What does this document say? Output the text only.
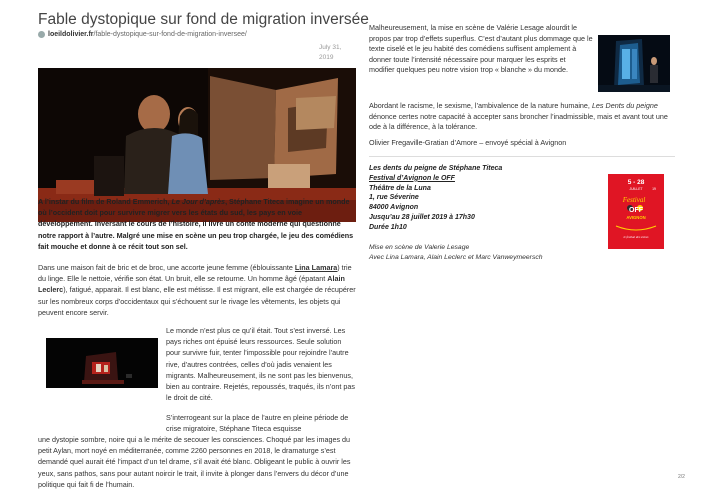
Fable dystopique sur fond de migration inversée
loeildolivier.fr /fable-dystopique-sur-fond-de-migration-inversee/
July 31,
2019

A l’instar du film de Roland Emmerich, Le Jour d’après, Stéphane Titeca imagine un monde où l’occident doit pour survivre migrer vers les états du sud, les pays en voie développement. Inversant le cours de l’histoire, il livre un conte moderne qui questionne notre rapport à l’autre. Malgré une mise en scène un peu trop chargée, le jeu des comédiens fait mouche et donne à ce récit tout son sel.

Dans une maison fait de bric et de broc, une accorte jeune femme (éblouissante Lina Lamara) trie du linge. Elle le nettoie, vérifie son état. Un bruit, elle se retourne. Un homme âgé (épatant Alain Leclerc), fatigué, apparait. Il est blanc, elle est métisse. Il est migrant, elle est chargée de récupérer sur les nombreux corps d’occidentaux qui s’échouent sur le rivage les vêtements, les objets qui peuvent encore servir.

Le monde n’est plus ce qu’il était. Tout s’est inversé. Les pays riches ont épuisé leurs ressources. Seule solution pour survivre fuir, tenter l’impossible pour rejoindre l’autre rive, d’autres contrées, celles d’où jadis venaient les migrants. Malheureusement, ils ne sont pas les bienvenus, bien au contraire. Rejetés, repoussés, traqués, ils n’ont pas le droit de cité.

S’interrogeant sur la place de l’autre en pleine période de crise migratoire, Stéphane Titeca esquisse

une dystopie sombre, noire qui a le mérite de secouer les consciences. Choqué par les images du petit Aylan, mort noyé en méditerranée, comme 2260 personnes en 2018, le dramaturge s’est demandé quel aurait été l’impact d’un tel drame, s’il avait été blanc. Obligeant le public à ouvrir les yeux, sans pathos, sans pour autant noircir le trait, il invite à plonger dans l’envers du décor d’une politique qui fait fi de l’humain.

Malheureusement, la mise en scène de Valérie Lesage alourdit le propos par trop d’effets superflus. C’est d’autant plus dommage que le texte ciselé et le jeu habité des comédiens suffisent amplement à donner toute l’intensité nécessaire pour marquer les esprits et modifier quelques peu notre vision trop « blanche » du monde.

Abordant le racisme, le sexisme, l’ambivalence de la nature humaine, Les Dents du peigne dénonce certes notre capacité à accepter sans broncher l’inadmissible, mais et avant tout une ode à la différence, à la tolérance.

Olivier Fregaville-Gratian d’Amore – envoyé spécial à Avignon

Les dents du peigne de Stéphane Titeca
Festival d’Avignon le OFF
Théâtre de la Luna
1, rue Séverine
84000 Avignon
Jusqu’au 28 juillet 2019 à 17h30
Durée 1h10
Mise en scène de Valerie Lesage
Avec Lina Lamara, Alain Leclerc et Marc Vanweymeersch
5 - 28
JUILLET	19
Festival
OFF
AVIGNON
le festival des scènes
2/2
